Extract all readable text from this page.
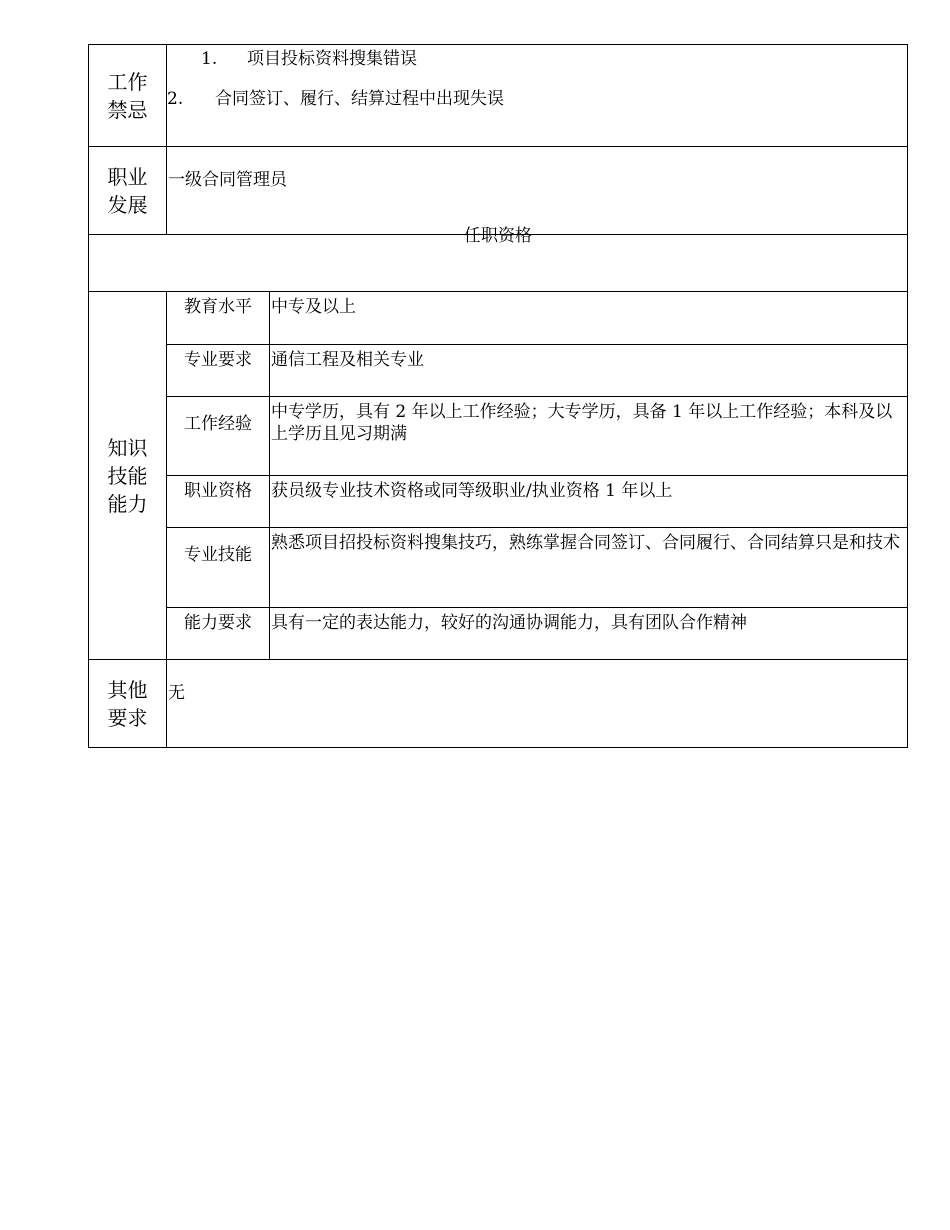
工作
禁忌	1. 项目投标资料搜集错误
2. 合同签订、履行、结算过程中出现失误	

职业
发展	一级合同管理员	
任职资格		

知识
技能
能力	教育水平	中专及以上
	专业要求	通信工程及相关专业
	工作经验	中专学历，具有 2 年以上工作经验；大专学历，具备 1 年以上工作经验；本科及以上学历且见习期满
	职业资格	获员级专业技术资格或同等级职业/执业资格 1 年以上
	专业技能	熟悉项目招投标资料搜集技巧，熟练掌握合同签订、合同履行、合同结算只是和技术
	能力要求	具有一定的表达能力，较好的沟通协调能力，具有团队合作精神

其他
要求	无	
